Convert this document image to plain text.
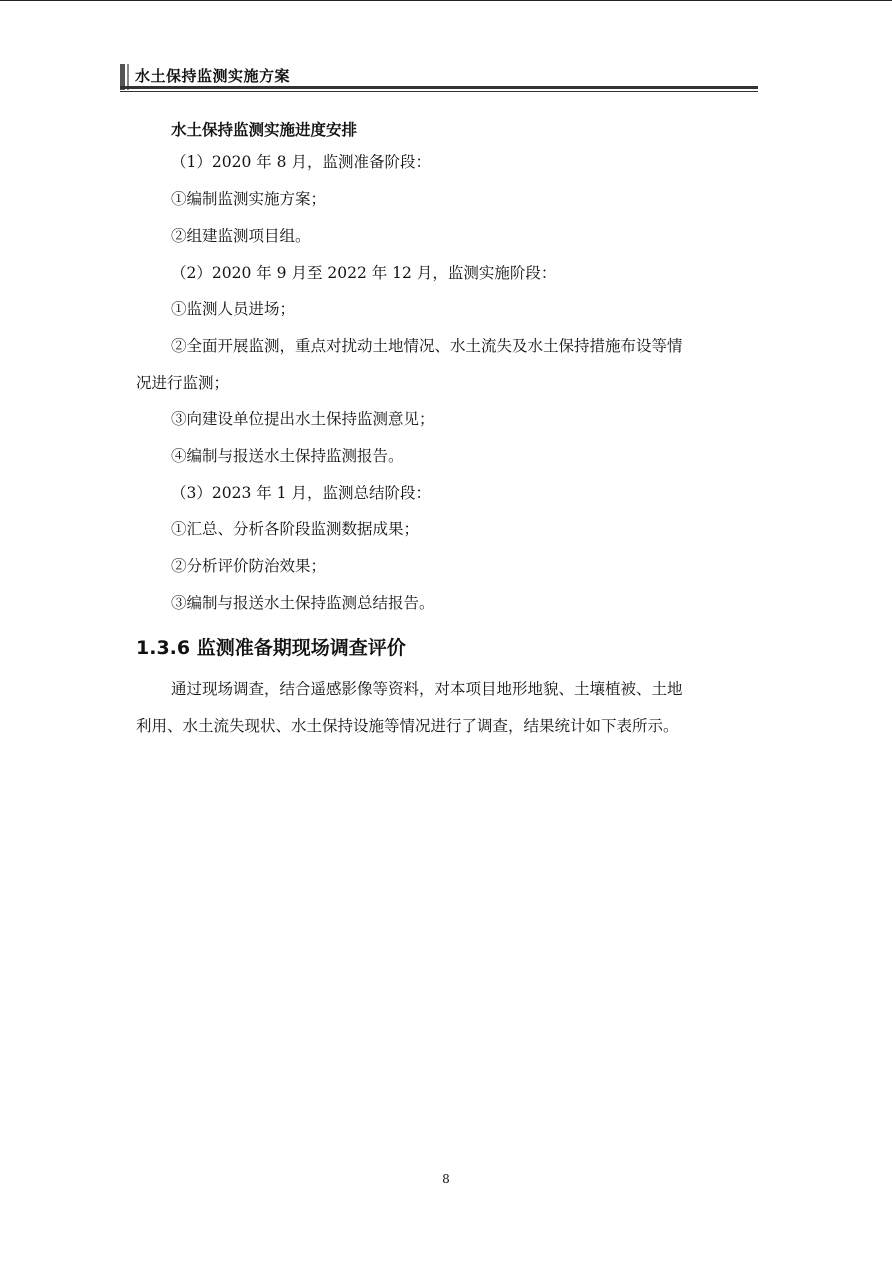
水土保持监测实施方案
水土保持监测实施进度安排
（1）2020 年 8 月，监测准备阶段：
①编制监测实施方案；
②组建监测项目组。
（2）2020 年 9 月至 2022 年 12 月，监测实施阶段：
①监测人员进场；
②全面开展监测，重点对扰动土地情况、水土流失及水土保持措施布设等情
况进行监测；
③向建设单位提出水土保持监测意见；
④编制与报送水土保持监测报告。
（3）2023 年 1 月，监测总结阶段：
①汇总、分析各阶段监测数据成果；
②分析评价防治效果；
③编制与报送水土保持监测总结报告。
1.3.6 监测准备期现场调查评价
通过现场调查，结合遥感影像等资料，对本项目地形地貌、土壤植被、土地
利用、水土流失现状、水土保持设施等情况进行了调查，结果统计如下表所示。
8
